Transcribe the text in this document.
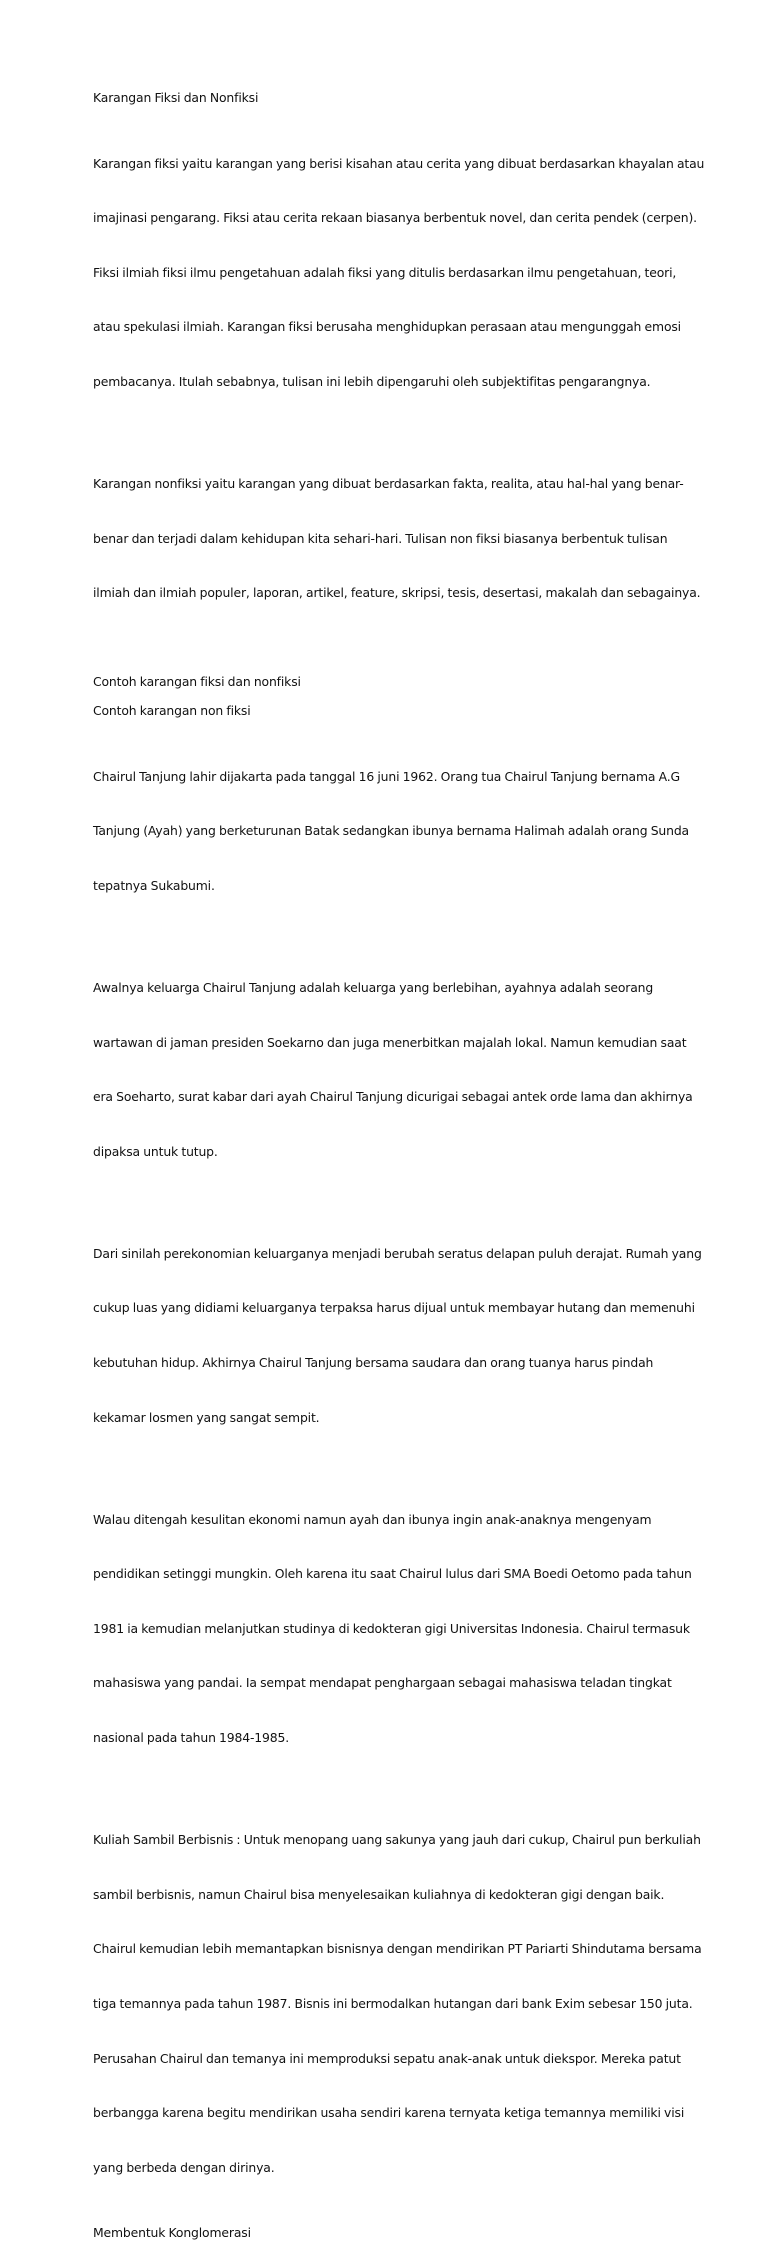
Karangan Fiksi dan Nonfiksi

Karangan fiksi yaitu karangan yang berisi kisahan atau cerita yang dibuat berdasarkan khayalan atau

imajinasi pengarang. Fiksi atau cerita rekaan biasanya berbentuk novel, dan cerita pendek (cerpen).

Fiksi ilmiah fiksi ilmu pengetahuan adalah fiksi yang ditulis berdasarkan ilmu pengetahuan, teori,

atau spekulasi ilmiah. Karangan fiksi berusaha menghidupkan perasaan atau mengunggah emosi

pembacanya. Itulah sebabnya, tulisan ini lebih dipengaruhi oleh subjektifitas pengarangnya.

Karangan nonfiksi yaitu karangan yang dibuat berdasarkan fakta, realita, atau hal-hal yang benar-

benar dan terjadi dalam kehidupan kita sehari-hari. Tulisan non fiksi biasanya berbentuk tulisan

ilmiah dan ilmiah populer, laporan, artikel, feature, skripsi, tesis, desertasi, makalah dan sebagainya.

Contoh karangan fiksi dan nonfiksi

Contoh karangan non fiksi

Chairul Tanjung lahir dijakarta pada tanggal 16 juni 1962. Orang tua Chairul Tanjung bernama A.G

Tanjung (Ayah) yang berketurunan Batak sedangkan ibunya bernama Halimah adalah orang Sunda

tepatnya Sukabumi.

Awalnya keluarga Chairul Tanjung adalah keluarga yang berlebihan, ayahnya adalah seorang

wartawan di jaman presiden Soekarno dan juga menerbitkan majalah lokal. Namun kemudian saat

era Soeharto, surat kabar dari ayah Chairul Tanjung dicurigai sebagai antek orde lama dan akhirnya

dipaksa untuk tutup.

Dari sinilah perekonomian keluarganya menjadi berubah seratus delapan puluh derajat. Rumah yang

cukup luas yang didiami keluarganya terpaksa harus dijual untuk membayar hutang dan memenuhi

kebutuhan hidup. Akhirnya Chairul Tanjung bersama saudara dan orang tuanya harus pindah

kekamar losmen yang sangat sempit.

Walau ditengah kesulitan ekonomi namun ayah dan ibunya ingin anak-anaknya mengenyam

pendidikan setinggi mungkin. Oleh karena itu saat Chairul lulus dari SMA Boedi Oetomo pada tahun

1981 ia kemudian melanjutkan studinya di kedokteran gigi Universitas Indonesia. Chairul termasuk

mahasiswa yang pandai. Ia sempat mendapat penghargaan sebagai mahasiswa teladan tingkat

nasional pada tahun 1984-1985.

Kuliah Sambil Berbisnis : Untuk menopang uang sakunya yang jauh dari cukup, Chairul pun berkuliah

sambil berbisnis, namun Chairul bisa menyelesaikan kuliahnya di kedokteran gigi dengan baik.

Chairul kemudian lebih memantapkan bisnisnya dengan mendirikan PT Pariarti Shindutama bersama

tiga temannya pada tahun 1987. Bisnis ini bermodalkan hutangan dari bank Exim sebesar 150 juta.

Perusahan Chairul dan temanya ini memproduksi sepatu anak-anak untuk diekspor. Mereka patut

berbangga karena begitu mendirikan usaha sendiri karena ternyata ketiga temannya memiliki visi

yang berbeda dengan dirinya.

Membentuk Konglomerasi
